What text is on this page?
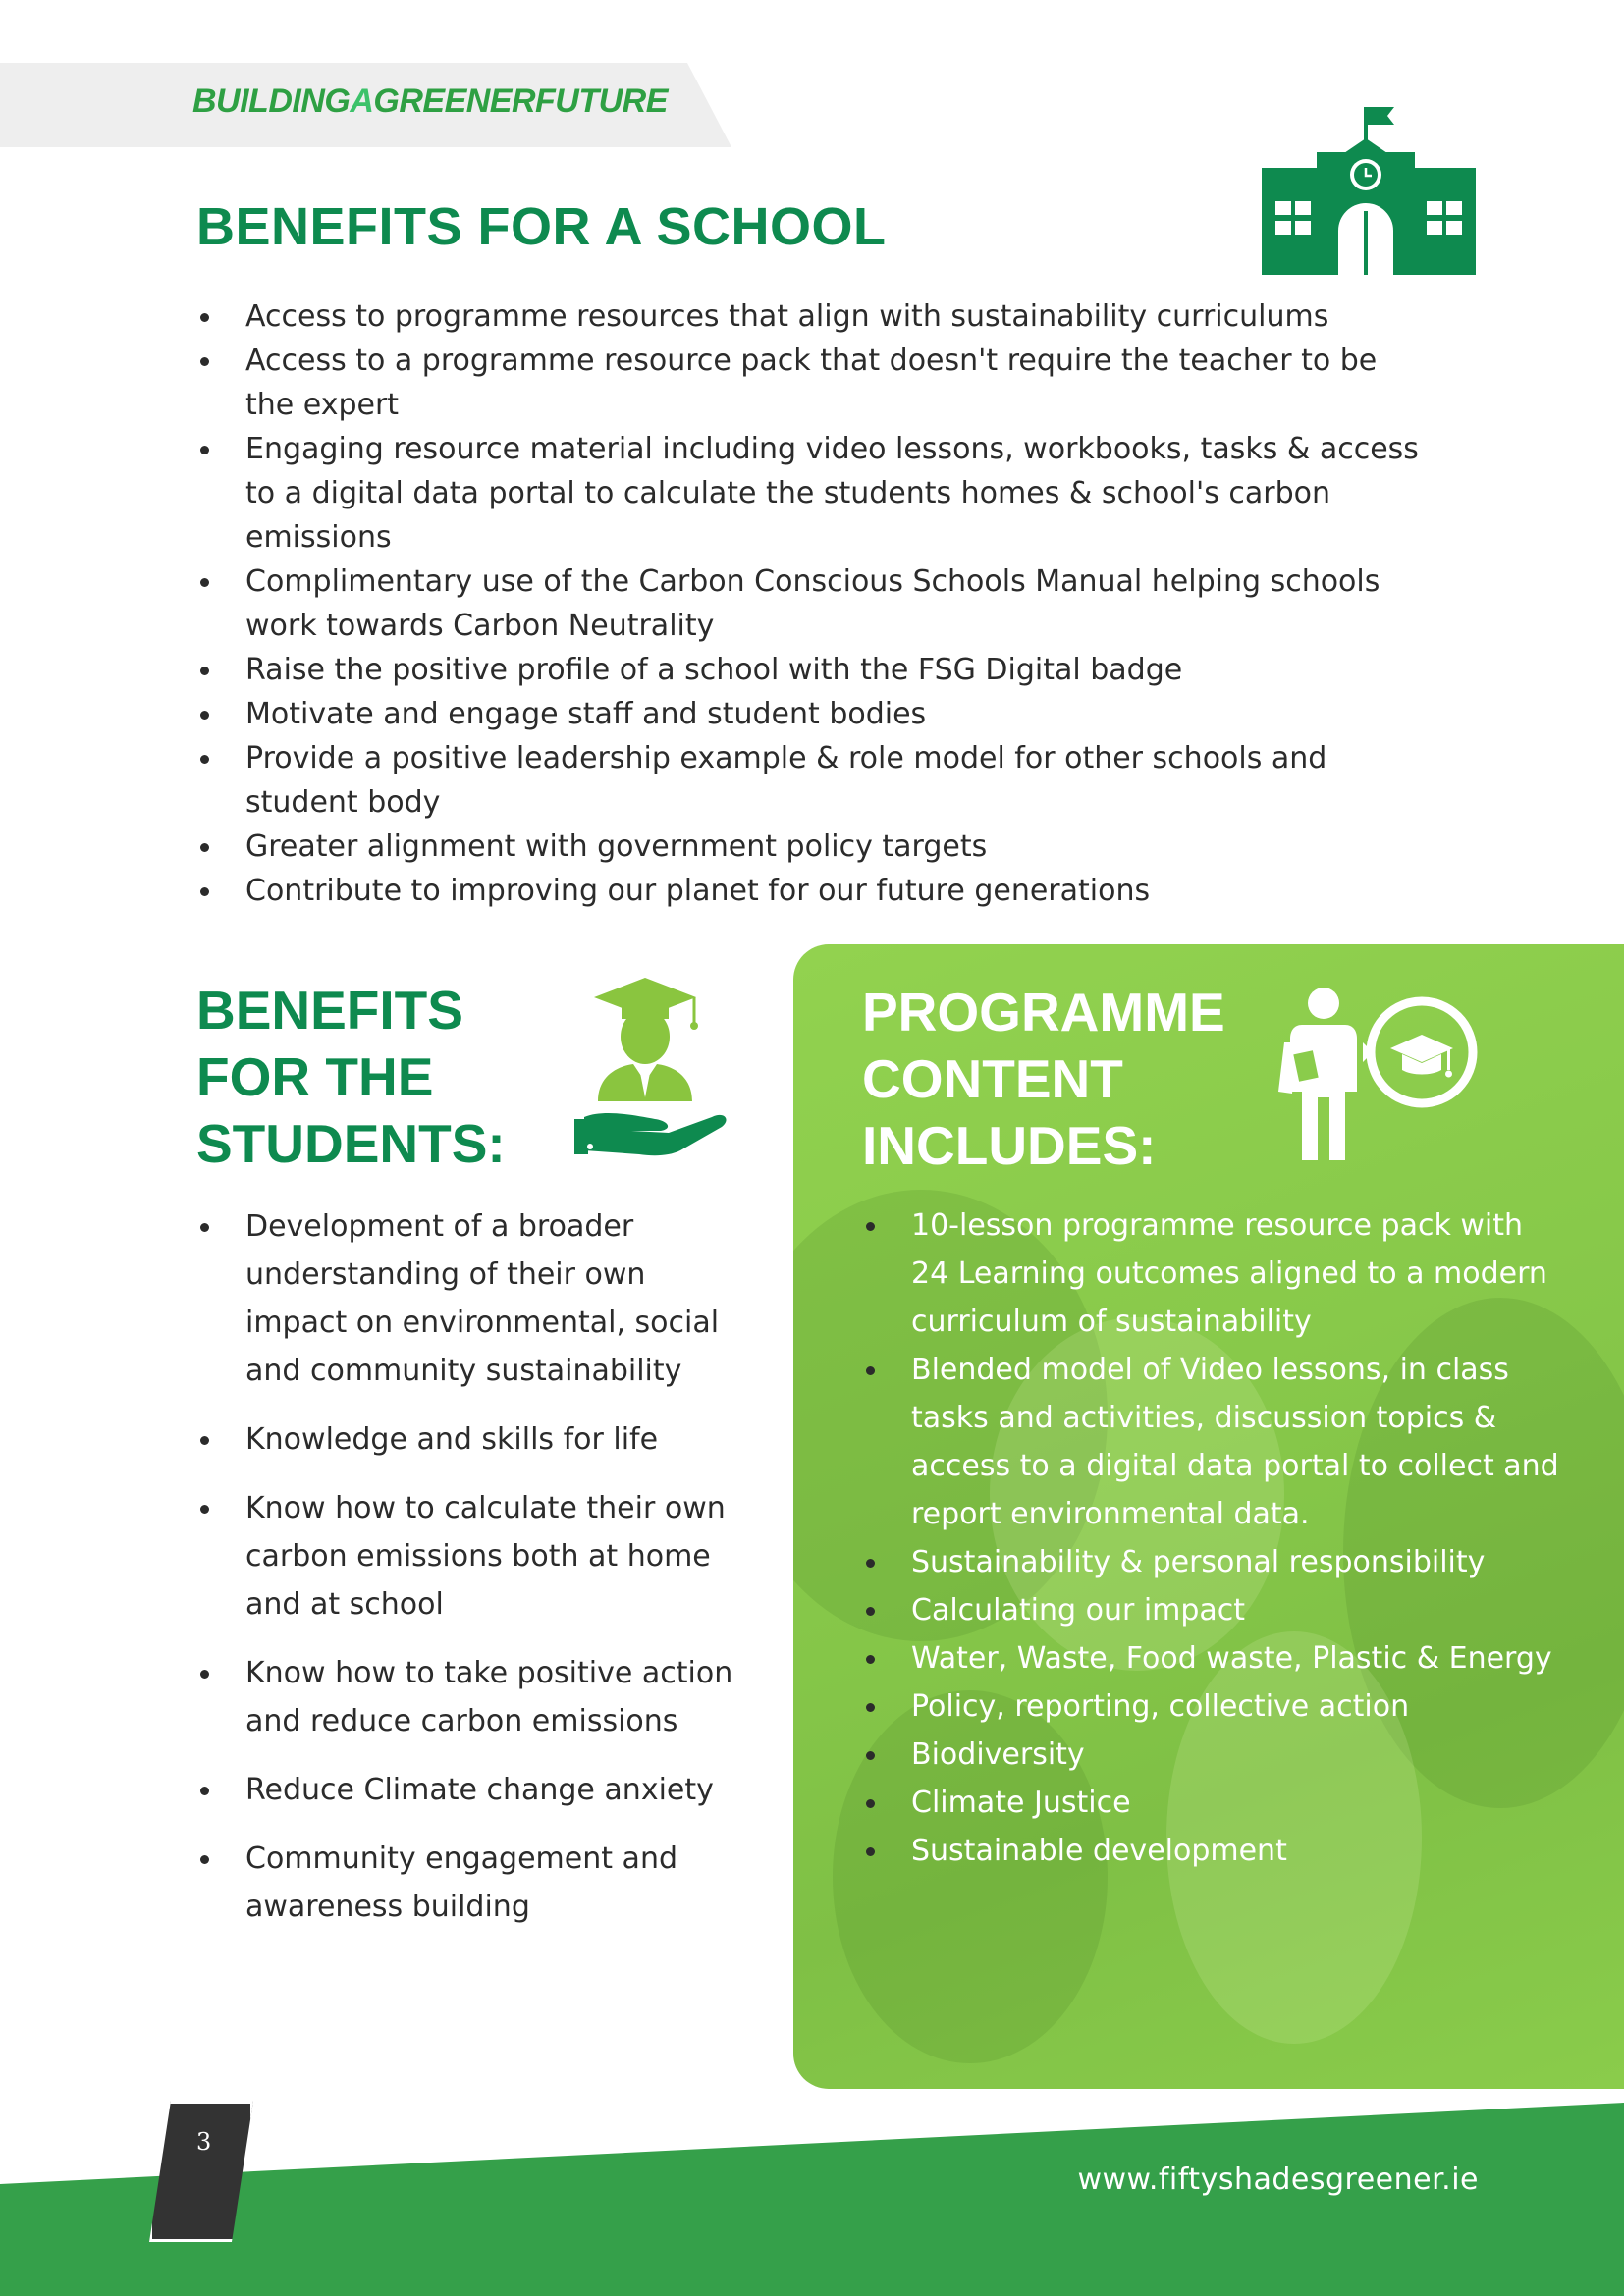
BUILDINGAGREENERFUTURE
BENEFITS FOR A SCHOOL
Access to programme resources that align with sustainability curriculums
Access to a programme resource pack that doesn't require the teacher to be the expert
Engaging resource material including video lessons, workbooks, tasks & access to a digital data portal to calculate the students homes & school's carbon emissions
Complimentary use of the Carbon Conscious Schools Manual helping schools work towards Carbon Neutrality
Raise the positive profile of a school with the FSG Digital badge
Motivate and engage staff and student bodies
Provide a positive leadership example & role model for other schools and student body
Greater alignment with government policy targets
Contribute to improving our planet for our future generations
BENEFITS
FOR THE
STUDENTS:
Development of a broader understanding of their own impact on environmental, social and community sustainability
Knowledge and skills for life
Know how to calculate their own carbon emissions both at home and at school
Know how to take positive action and reduce carbon emissions
Reduce Climate change anxiety
Community engagement and awareness building
PROGRAMME
CONTENT
INCLUDES:
10-lesson programme resource pack with 24 Learning outcomes aligned to a modern curriculum of sustainability
Blended model of Video lessons, in class tasks and activities, discussion topics & access to a digital data portal to collect and report environmental data.
Sustainability & personal responsibility
Calculating our impact
Water, Waste, Food waste, Plastic & Energy
Policy, reporting, collective action
Biodiversity
Climate Justice
Sustainable development
3
www.fiftyshadesgreener.ie
